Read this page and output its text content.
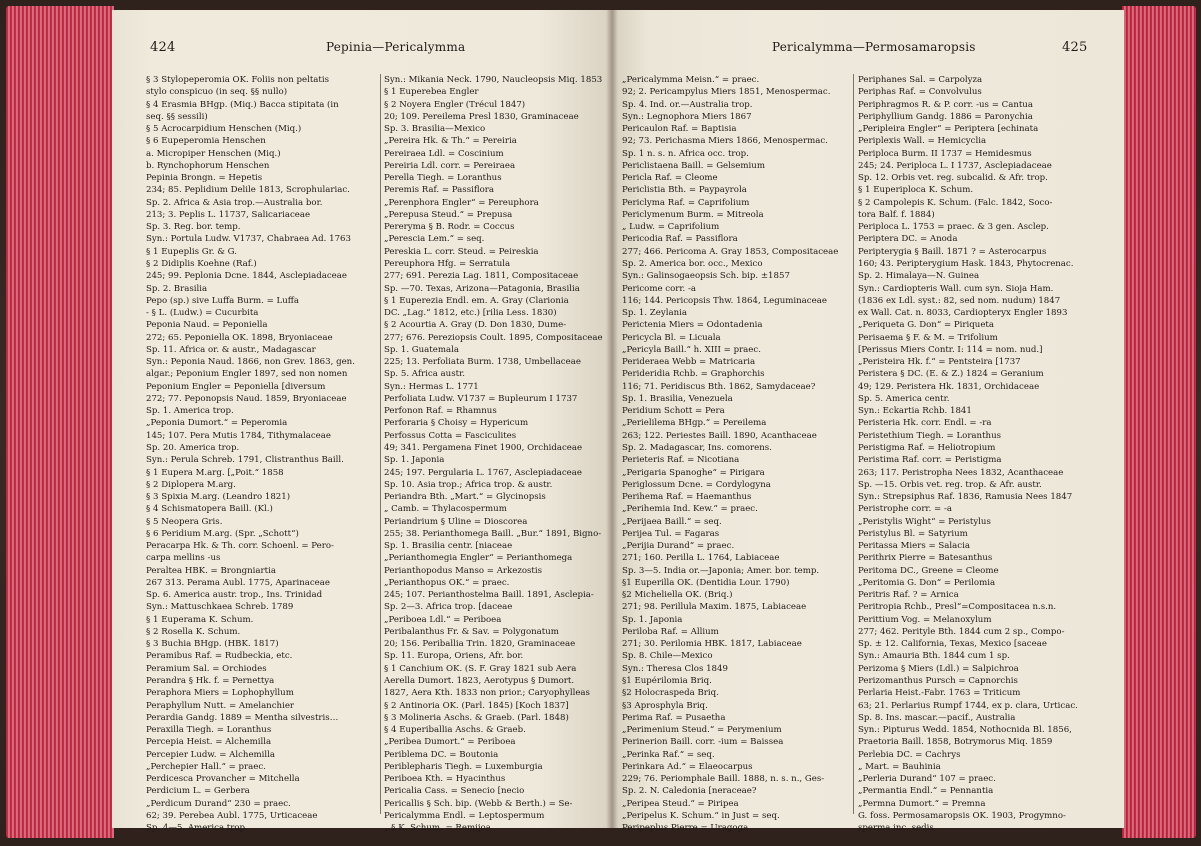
424	Pepinia—Pericalymma
§ 3 Stylopeperomia OK. Foliis non peltatis
stylo conspicuo (in seq. §§ nullo)
§ 4 Erasmia BHgp. (Miq.) Bacca stipitata (in
seq. §§ sessili)
§ 5 Acrocarpidium Henschen (Miq.)
§ 6 Eupeperomia Henschen
a. Micropiper Henschen (Miq.)
b. Rynchophorum Henschen
Pepinia Brongn. = Hepetis
234; 85. Peplidium Delile 1813, Scrophulariac.
Sp. 2. Africa & Asia trop.—Australia bor.
213; 3. Peplis L. 11737, Salicariaceae
Sp. 3. Reg. bor. temp.
Syn.: Portula Ludw. V1737, Chabraea Ad. 1763
§ 1 Eupeplis Gr. & G.
§ 2 Didiplis Koehne (Raf.)
245; 99. Peplonia Dcne. 1844, Asclepiadaceae
Sp. 2. Brasilia
Pepo (sp.) sive Luffa Burm. = Luffa
‑ § L. (Ludw.) = Cucurbita
Peponia Naud. = Peponiella
272; 65. Peponiella OK. 1898, Bryoniaceae
Sp. 11. Africa or. & austr., Madagascar
Syn.: Peponia Naud. 1866, non Grev. 1863, gen.
algar.; Peponium Engler 1897, sed non nomen
Peponium Engler = Peponiella [diversum
272; 77. Peponopsis Naud. 1859, Bryoniaceae
Sp. 1. America trop.
„Peponia Dumort.“ = Peperomia
145; 107. Pera Mutis 1784, Tithymalaceae
Sp. 20. America trop.
Syn.: Perula Schreb. 1791, Clistranthus Baill.
§ 1 Eupera M.arg. [„Poit.“ 1858
§ 2 Diplopera M.arg.
§ 3 Spixia M.arg. (Leandro 1821)
§ 4 Schismatopera Baill. (Kl.)
§ 5 Neopera Gris.
§ 6 Peridium M.arg. (Spr. „Schott“)
Peracarpa Hk. & Th. corr. Schoenl. = Pero-
carpa mellins ‑us
Peraltea HBK. = Brongniartia
267 313. Perama Aubl. 1775, Aparinaceae
Sp. 6. America austr. trop., Ins. Trinidad
Syn.: Mattuschkaea Schreb. 1789
§ 1 Euperama K. Schum.
§ 2 Rosella K. Schum.
§ 3 Buchia BHgp. (HBK. 1817)
Peramibus Raf. = Rudbeckia, etc.
Peramium Sal. = Orchiodes
Perandra § Hk. f. = Pernettya
Peraphora Miers = Lophophyllum
Peraphyllum Nutt. = Amelanchier
Perardia Gandg. 1889 = Mentha silvestris…
Peraxilla Tiegh. = Loranthus
Percepia Heist. = Alchemilla
Percepier Ludw. = Alchemilla
„Perchepier Hall.“ = praec.
Perdicesca Provancher = Mitchella
Perdicium L. = Gerbera
„Perdicum Durand“ 230 = praec.
62; 39. Perebea Aubl. 1775, Urticaceae
Sp. 4—5. America trop.
Syn.: Mikania Neck. 1790, Naucleopsis Miq. 1853
§ 1 Euperebea Engler
§ 2 Noyera Engler (Trécul 1847)
20; 109. Pereilema Presl 1830, Graminaceae
Sp. 3. Brasilia—Mexico
„Pereira Hk. & Th.“ = Pereiria
Pereiraea Ldl. = Coscinium
Pereiria Ldl. corr. = Pereiraea
Perella Tiegh. = Loranthus
Peremis Raf. = Passiflora
„Perenphora Engler“ = Pereuphora
„Perepusa Steud.“ = Prepusa
Pereryma § B. Rodr. = Coccus
„Perescia Lem.“ = seq.
Pereskia L. corr. Steud. = Peireskia
Pereuphora Hfg. = Serratula
277; 691. Perezia Lag. 1811, Compositaceae
Sp. —70. Texas, Arizona—Patagonia, Brasilia
§ 1 Euperezia Endl. em. A. Gray (Clarionia
DC. „Lag.“ 1812, etc.) [rilia Less. 1830)
§ 2 Acourtia A. Gray (D. Don 1830, Dume-
277; 676. Pereziopsis Coult. 1895, Compositaceae
Sp. 1. Guatemala
225; 13. Perfoliata Burm. 1738, Umbellaceae
Sp. 5. Africa austr.
Syn.: Hermas L. 1771
Perfoliata Ludw. V1737 = Bupleurum I 1737
Perfonon Raf. = Rhamnus
Perforaria § Choisy = Hypericum
Perfossus Cotta = Fasciculites
49; 341. Pergamena Finet 1900, Orchidaceae
Sp. 1. Japonia
245; 197. Pergularia L. 1767, Asclepiadaceae
Sp. 10. Asia trop.; Africa trop. & austr.
Periandra Bth. „Mart.“ = Glycinopsis
„ Camb. = Thylacospermum
Periandrium § Uline = Dioscorea
255; 38. Perianthomega Baill. „Bur.“ 1891, Bigno-
Sp. 1. Brasilia centr. [niaceae
„Perianthomegia Engler“ = Perianthomega
Perianthopodus Manso = Arkezostis
„Perianthopus OK.“ = praec.
245; 107. Perianthostelma Baill. 1891, Asclepia-
Sp. 2—3. Africa trop. [daceae
„Periboea Ldl.“ = Periboea
Peribalanthus Fr. & Sav. = Polygonatum
20; 156. Periballia Trin. 1820, Graminaceae
Sp. 11. Europa, Oriens, Afr. bor.
§ 1 Canchium OK. (S. F. Gray 1821 sub Aera
Aerella Dumort. 1823, Aerotypus § Dumort.
1827, Aera Kth. 1833 non prior.; Caryophylleas
§ 2 Antinoria OK. (Parl. 1845) [Koch 1837]
§ 3 Molineria Aschs. & Graeb. (Parl. 1848)
§ 4 Euperiballia Aschs. & Graeb.
„Peribea Dumort.“ = Periboea
Periblema DC. = Boutonia
Periblepharis Tiegh. = Luxemburgia
Periboea Kth. = Hyacinthus
Pericalia Cass. = Senecio [necio
Pericallis § Sch. bip. (Webb & Berth.) = Se-
Pericalymma Endl. = Leptospermum
„ § K. Schum. = Remijoa
Pericalymma—Permosamaropsis	425
„Pericalymma Meisn.“ = praec.
92; 2. Pericampylus Miers 1851, Menospermac.
Sp. 4. Ind. or.—Australia trop.
Syn.: Legnophora Miers 1867
Pericaulon Raf. = Baptisia
92; 73. Perichasma Miers 1866, Menospermac.
Sp. 1 n. s. n. Africa occ. trop.
Periclistaena Baill. = Gelsemium
Pericla Raf. = Cleome
Periclistia Bth. = Paypayrola
Periclyma Raf. = Caprifolium
Periclymenum Burm. = Mitreola
„ Ludw. = Caprifolium
Pericodia Raf. = Passiflora
277; 466. Pericoma A. Gray 1853, Compositaceae
Sp. 2. America bor. occ., Mexico
Syn.: Galinsogaeopsis Sch. bip. ±1857
Pericome corr. ‑a
116; 144. Pericopsis Thw. 1864, Leguminaceae
Sp. 1. Zeylania
Perictenia Miers = Odontadenia
Pericycla Bl. = Licuala
„Pericyla Baill.“ h. XIII = praec.
Perideraea Webb = Matricaria
Perideridia Rchb. = Graphorchis
116; 71. Peridiscus Bth. 1862, Samydaceae?
Sp. 1. Brasilia, Venezuela
Peridium Schott = Pera
„Perielilema BHgp.“ = Pereilema
263; 122. Periestes Baill. 1890, Acanthaceae
Sp. 2. Madagascar, Ins. comorens.
Perieteris Raf. = Nicotiana
„Perigaria Spanoghe“ = Pirigara
Periglossum Dcne. = Cordylogyna
Perihema Raf. = Haemanthus
„Perihemia Ind. Kew.“ = praec.
„Perijaea Baill.“ = seq.
Perijea Tul. = Fagaras
„Perijia Durand“ = praec.
271; 160. Perilla L. 1764, Labiaceae
Sp. 3—5. India or.—Japonia; Amer. bor. temp.
§1 Euperilla OK. (Dentidia Lour. 1790)
§2 Micheliella OK. (Briq.)
271; 98. Perillula Maxim. 1875, Labiaceae
Sp. 1. Japonia
Periloba Raf. = Allium
271; 30. Perilomia HBK. 1817, Labiaceae
Sp. 8. Chile—Mexico
Syn.: Theresa Clos 1849
§1 Eupérilomia Briq.
§2 Holocraspeda Briq.
§3 Aprosphyla Briq.
Perima Raf. = Pusaetha
„Perimenium Steud.“ = Perymenium
Perinerion Baill. corr. ‑ium = Baissea
„Perinka Raf.“ = seq.
Perinkara Ad.“ = Elaeocarpus
229; 76. Periomphale Baill. 1888, n. s. n., Ges-
Sp. 2. N. Caledonia [neraceae?
„Peripea Steud.“ = Piripea
„Peripelus K. Schum.“ in Just = seq.
Peripeplus Pierre = Uragoga
Periphanes Sal. = Carpolyza
Periphas Raf. = Convolvulus
Periphragmos R. & P. corr. ‑us = Cantua
Periphyllium Gandg. 1886 = Paronychia
„Peripleira Engler“ = Periptera [echinata
Periplexis Wall. = Hemicyclia
Periploca Burm. II 1737 = Hemidesmus
245; 24. Periploca L. I 1737, Asclepiadaceae
Sp. 12. Orbis vet. reg. subcalid. & Afr. trop.
§ 1 Euperiploca K. Schum.
§ 2 Campolepis K. Schum. (Falc. 1842, Soco-
tora Balf. f. 1884)
Periploca L. 1753 = praec. & 3 gen. Asclep.
Periptera DC. = Anoda
Peripterygia § Baill. 1871 ? = Asterocarpus
160; 43. Peripterygium Hask. 1843, Phytocrenac.
Sp. 2. Himalaya—N. Guinea
Syn.: Cardiopteris Wall. cum syn. Sioja Ham.
(1836 ex Ldl. syst.: 82, sed nom. nudum) 1847
ex Wall. Cat. n. 8033, Cardiopteryx Engler 1893
„Periqueta G. Don“ = Piriqueta
Perisaema § F. & M. = Trifolium
[Perissus Miers Contr. I: 114 = nom. nud.]
„Peristeira Hk. f.“ = Pentsteira [1737
Peristera § DC. (E. & Z.) 1824 = Geranium
49; 129. Peristera Hk. 1831, Orchidaceae
Sp. 5. America centr.
Syn.: Eckartia Rchb. 1841
Peristeria Hk. corr. Endl. = ‑ra
Peristethium Tiegh. = Loranthus
Peristigma Raf. = Heliotropium
Peristima Raf. corr. = Peristigma
263; 117. Peristropha Nees 1832, Acanthaceae
Sp. —15. Orbis vet. reg. trop. & Afr. austr.
Syn.: Strepsiphus Raf. 1836, Ramusia Nees 1847
Peristrophe corr. = ‑a
„Peristylis Wight“ = Peristylus
Peristylus Bl. = Satyrium
Peritassa Miers = Salacia
Perithrix Pierre = Batesanthus
Peritoma DC., Greene = Cleome
„Peritomia G. Don“ = Perilomia
Peritris Raf. ? = Arnica
Peritropia Rchb., Presl“=Compositacea n.s.n.
Perittium Vog. = Melanoxylum
277; 462. Perityle Bth. 1844 cum 2 sp., Compo-
Sp. ± 12. California, Texas, Mexico [saceae
Syn.: Amauria Bth. 1844 cum 1 sp.
Perizoma § Miers (Ldl.) = Salpichroa
Perizomanthus Pursch = Capnorchis
Perlaria Heist.-Fabr. 1763 = Triticum
63; 21. Perlarius Rumpf 1744, ex p. clara, Urticac.
Sp. 8. Ins. mascar.—pacif., Australia
Syn.: Pipturus Wedd. 1854, Nothocnida Bl. 1856,
Praetoria Baill. 1858, Botrymorus Miq. 1859
Perlebia DC. = Cachrys
„ Mart. = Bauhinia
„Perleria Durand“ 107 = praec.
„Permantia Endl.“ = Pennantia
„Permna Dumort.“ = Premna
G. foss. Permosamaropsis OK. 1903, Progymno-
sperma inc. sedis
